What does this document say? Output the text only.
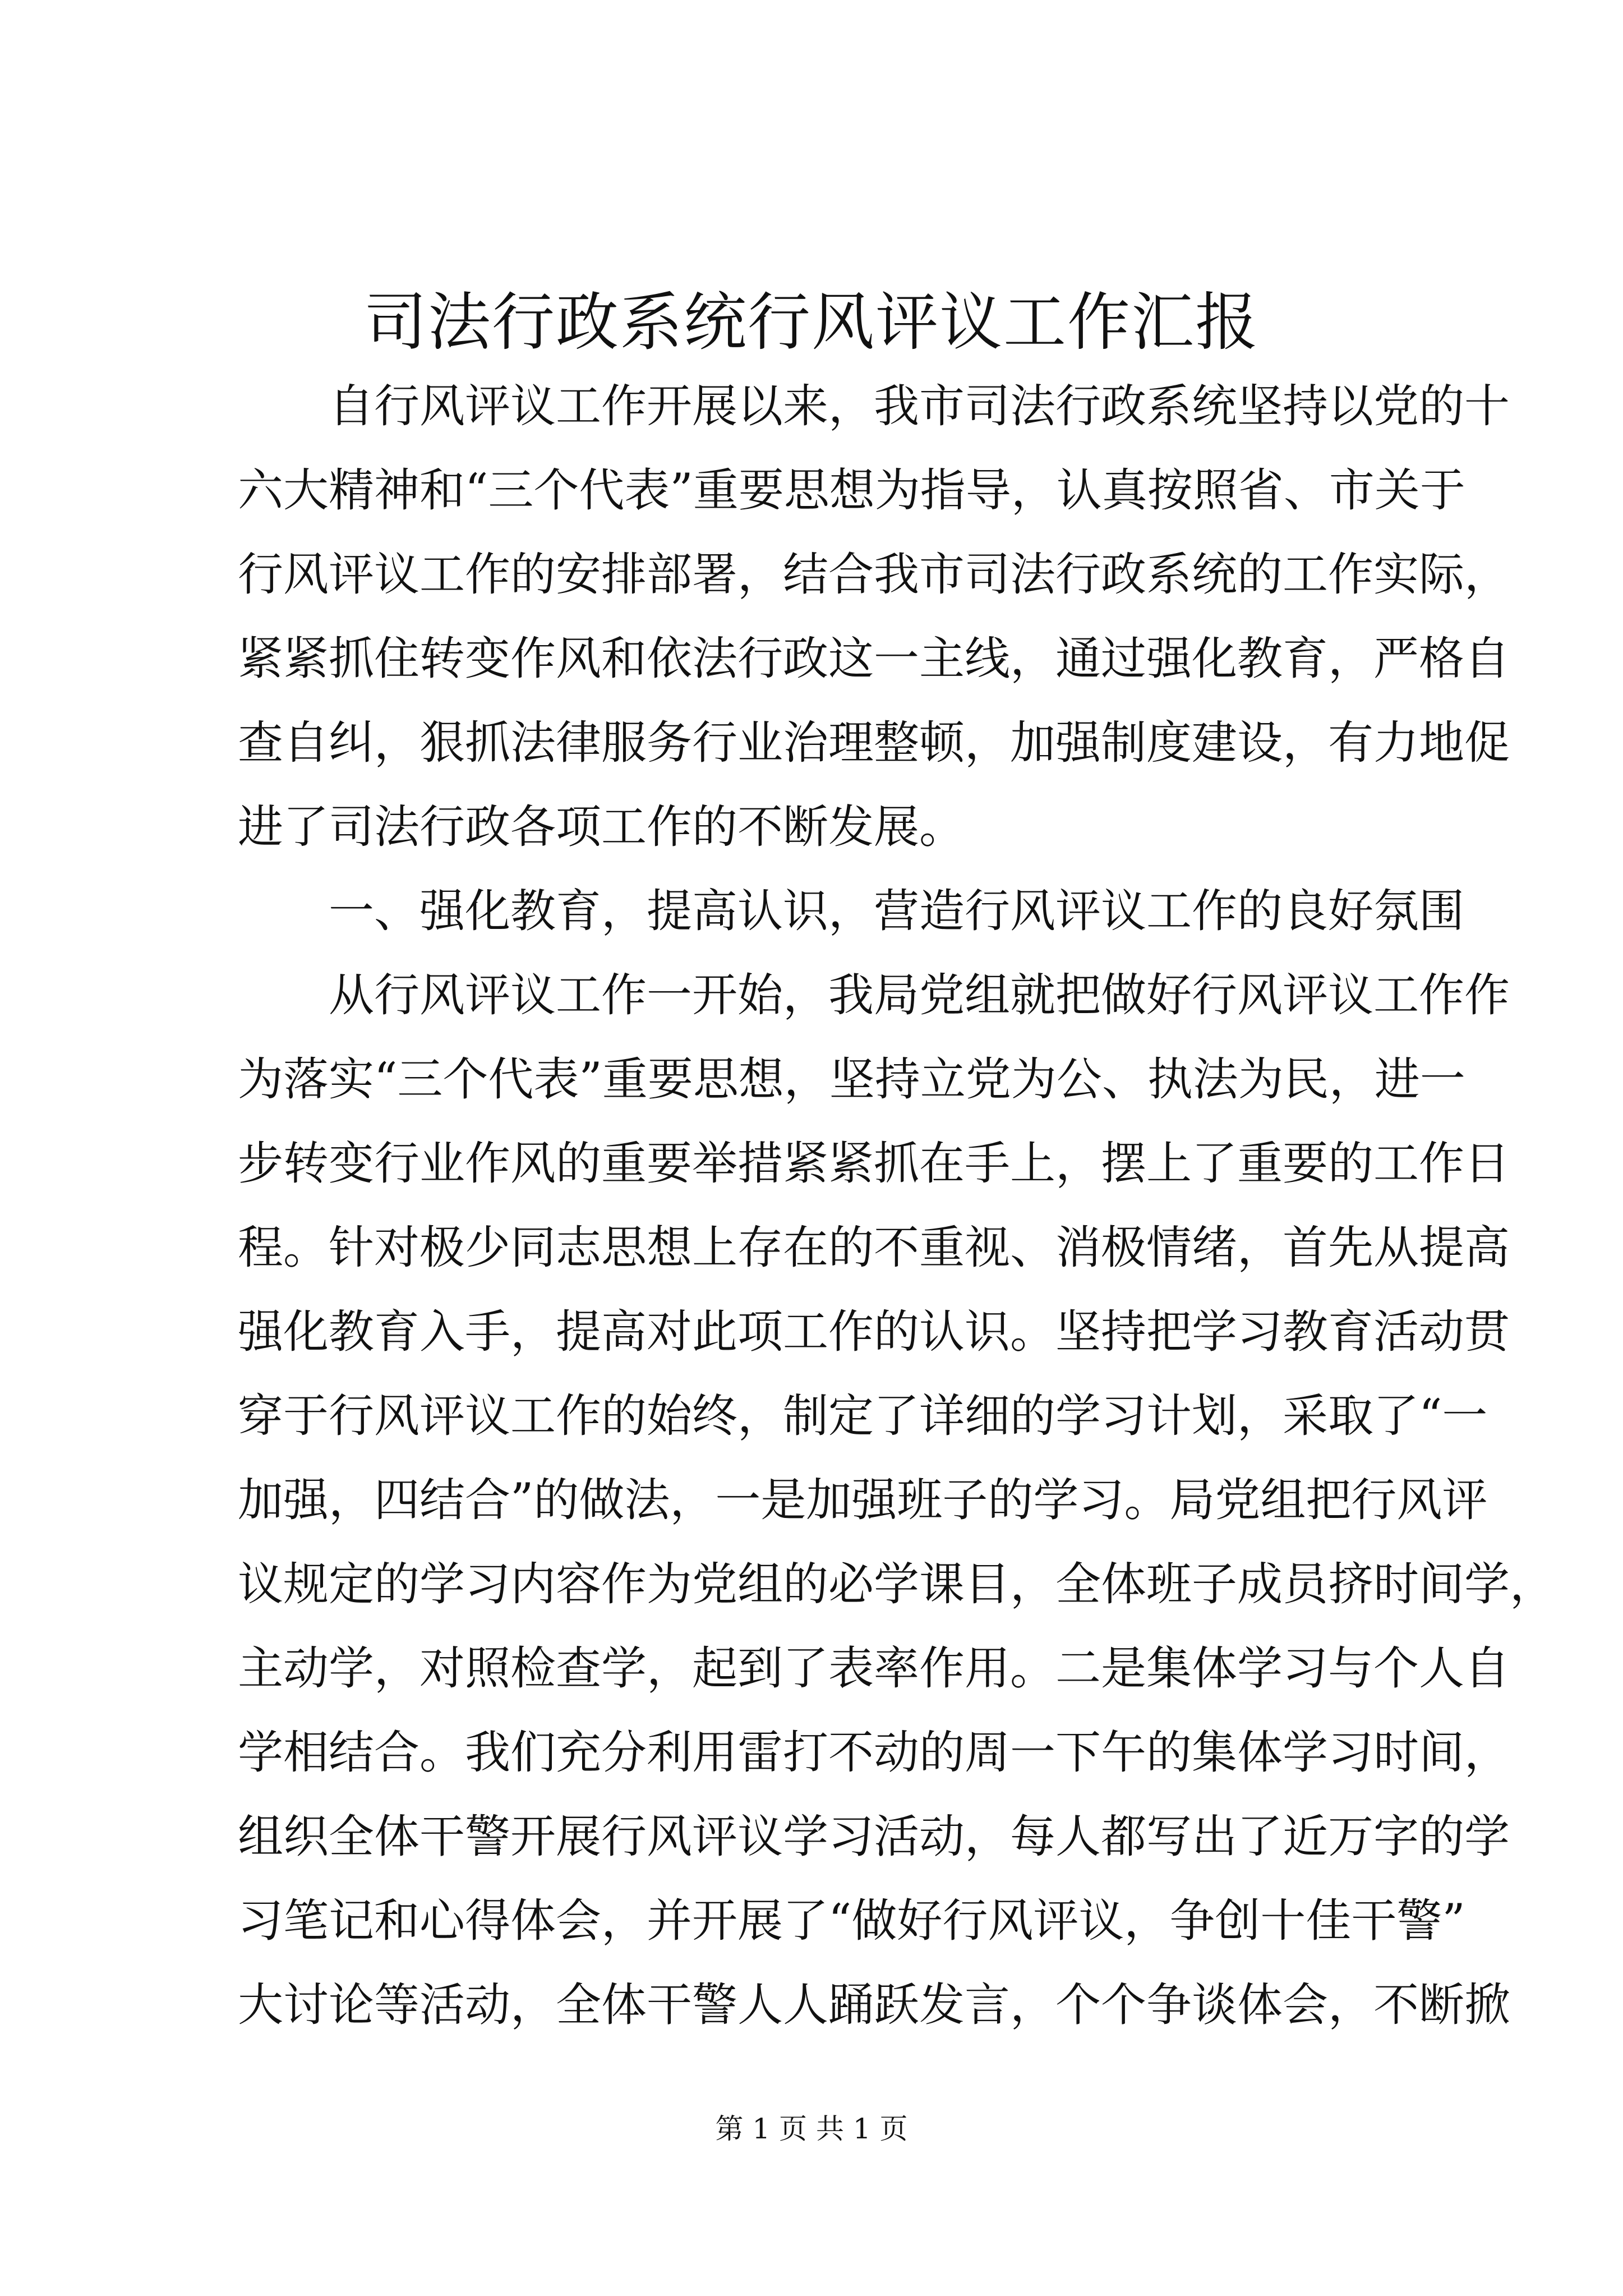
司法行政系统行风评议工作汇报
自行风评议工作开展以来，我市司法行政系统坚持以党的十
六大精神和“三个代表”重要思想为指导，认真按照省、市关于
行风评议工作的安排部署，结合我市司法行政系统的工作实际，
紧紧抓住转变作风和依法行政这一主线，通过强化教育，严格自
查自纠，狠抓法律服务行业治理整顿，加强制度建设，有力地促
进了司法行政各项工作的不断发展。
一、强化教育，提高认识，营造行风评议工作的良好氛围
从行风评议工作一开始，我局党组就把做好行风评议工作作
为落实“三个代表”重要思想，坚持立党为公、执法为民，进一
步转变行业作风的重要举措紧紧抓在手上，摆上了重要的工作日
程。针对极少同志思想上存在的不重视、消极情绪，首先从提高
强化教育入手，提高对此项工作的认识。坚持把学习教育活动贯
穿于行风评议工作的始终，制定了详细的学习计划，采取了“一
加强，四结合”的做法，一是加强班子的学习。局党组把行风评
议规定的学习内容作为党组的必学课目，全体班子成员挤时间学，
主动学，对照检查学，起到了表率作用。二是集体学习与个人自
学相结合。我们充分利用雷打不动的周一下午的集体学习时间，
组织全体干警开展行风评议学习活动，每人都写出了近万字的学
习笔记和心得体会，并开展了“做好行风评议，争创十佳干警”
大讨论等活动，全体干警人人踊跃发言，个个争谈体会，不断掀
第 1 页 共 1 页
